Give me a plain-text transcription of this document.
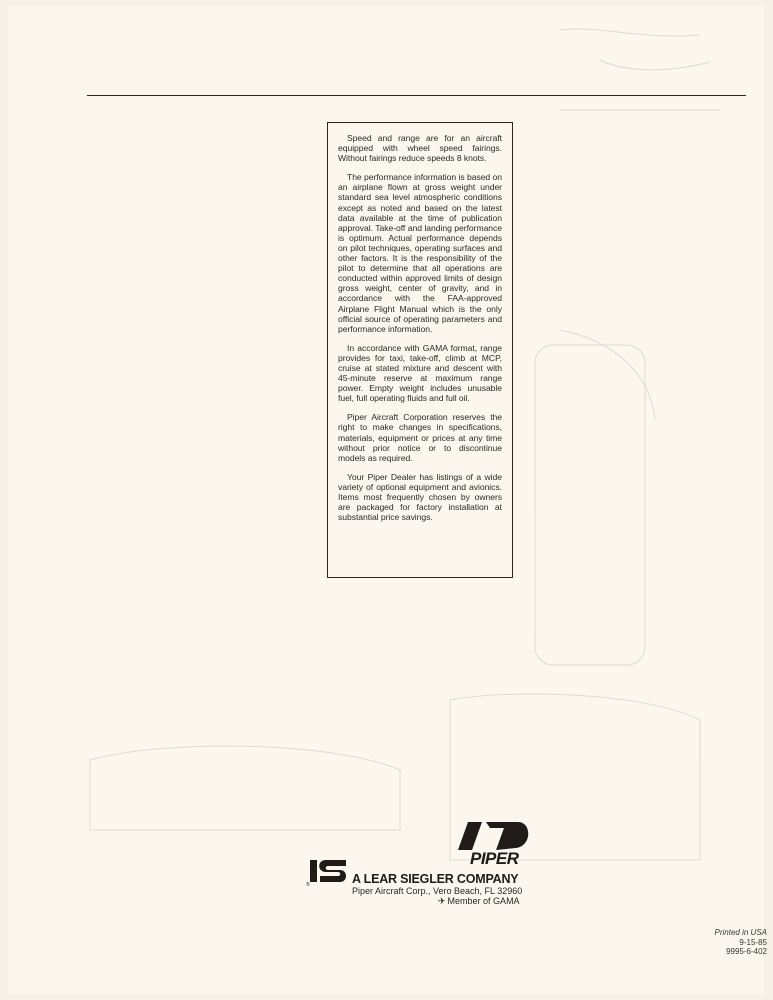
Speed and range are for an aircraft equipped with wheel speed fairings. Without fairings reduce speeds 8 knots.

The performance information is based on an airplane flown at gross weight under standard sea level atmospheric conditions except as noted and based on the latest data available at the time of publication approval. Take-off and landing performance is optimum. Actual performance depends on pilot techniques, operating surfaces and other factors. It is the responsibility of the pilot to determine that all operations are conducted within approved limits of design gross weight, center of gravity, and in accordance with the FAA-approved Airplane Flight Manual which is the only official source of operating parameters and performance information.

In accordance with GAMA format, range provides for taxi, take-off, climb at MCP, cruise at stated mixture and descent with 45-minute reserve at maximum range power. Empty weight includes unusable fuel, full operating fluids and full oil.

Piper Aircraft Corporation reserves the right to make changes in specifications, materials, equipment or prices at any time without prior notice or to discontinue models as required.

Your Piper Dealer has listings of a wide variety of optional equipment and avionics. Items most frequently chosen by owners are packaged for factory installation at substantial price savings.

PIPER
®	A LEAR SIEGLER COMPANY
Piper Aircraft Corp., Vero Beach, FL 32960
✈ Member of GAMA
Printed in USA
9-15-85
9995-6-402
